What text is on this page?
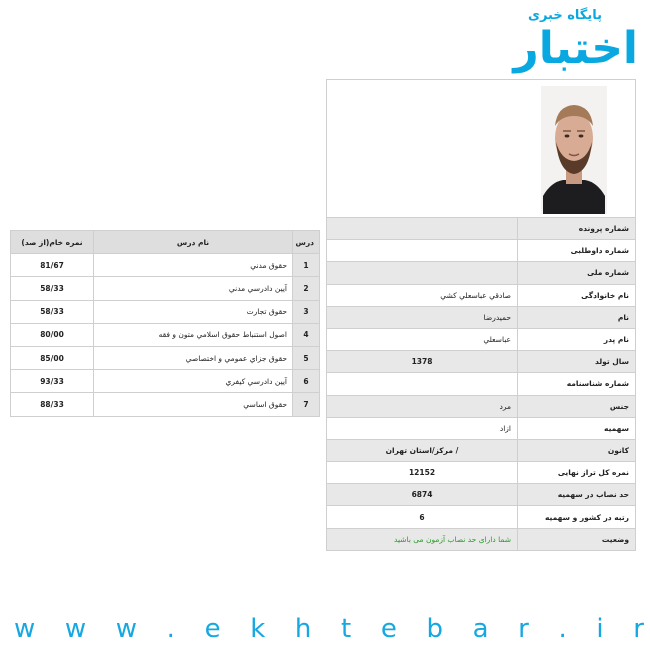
پایگاه خبری
اختبار
شماره پرونده	
شماره داوطلبی	
شماره ملی	
نام خانوادگی	صادقي عباسعلي كشي
نام	حمیدرضا
نام پدر	عباسعلي
سال تولد	1378
شماره شناسنامه	
جنس	مرد
سهمیه	ازاد
کانون	/ مرکز/استان تهران
نمره کل تراز نهایی	12152
حد نصاب در سهمیه	6874
رتبه در کشور و سهمیه	6
وضعیت	شما دارای حد نصاب آزمون می باشید
درس	نام درس	نمره خام(از صد)
1	حقوق مدني	81/67
2	آيين دادرسي مدني	58/33
3	حقوق تجارت	58/33
4	اصول استنباط حقوق اسلامي متون و فقه	80/00
5	حقوق جزاي عمومي و اختصاصي	85/00
6	آيين دادرسي كيفري	93/33
7	حقوق اساسي	88/33
w w w . e k h t e b a r . i r
